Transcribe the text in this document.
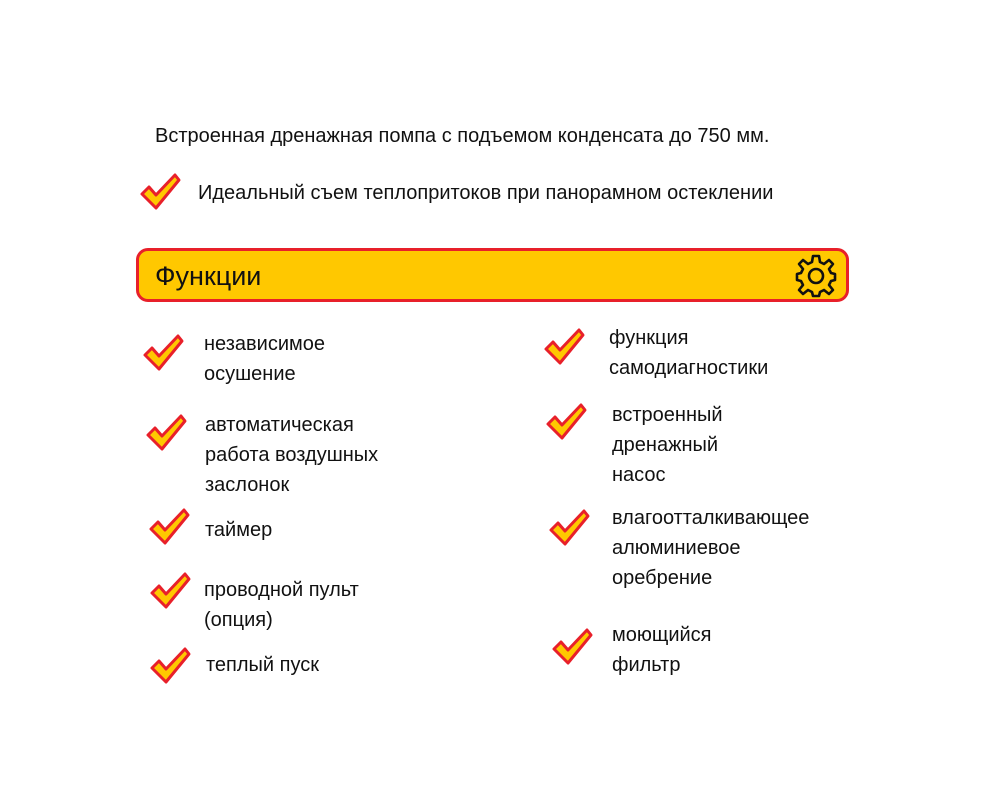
Встроенная дренажная помпа с подъемом конденсата до 750 мм.
Идеальный съем теплопритоков при панорамном остеклении
Функции
независимое
осушение
автоматическая
работа воздушных
заслонок
таймер
проводной пульт
(опция)
теплый пуск
функция
самодиагностики
встроенный
дренажный
насос
влагоотталкивающее
алюминиевое
оребрение
моющийся
фильтр
